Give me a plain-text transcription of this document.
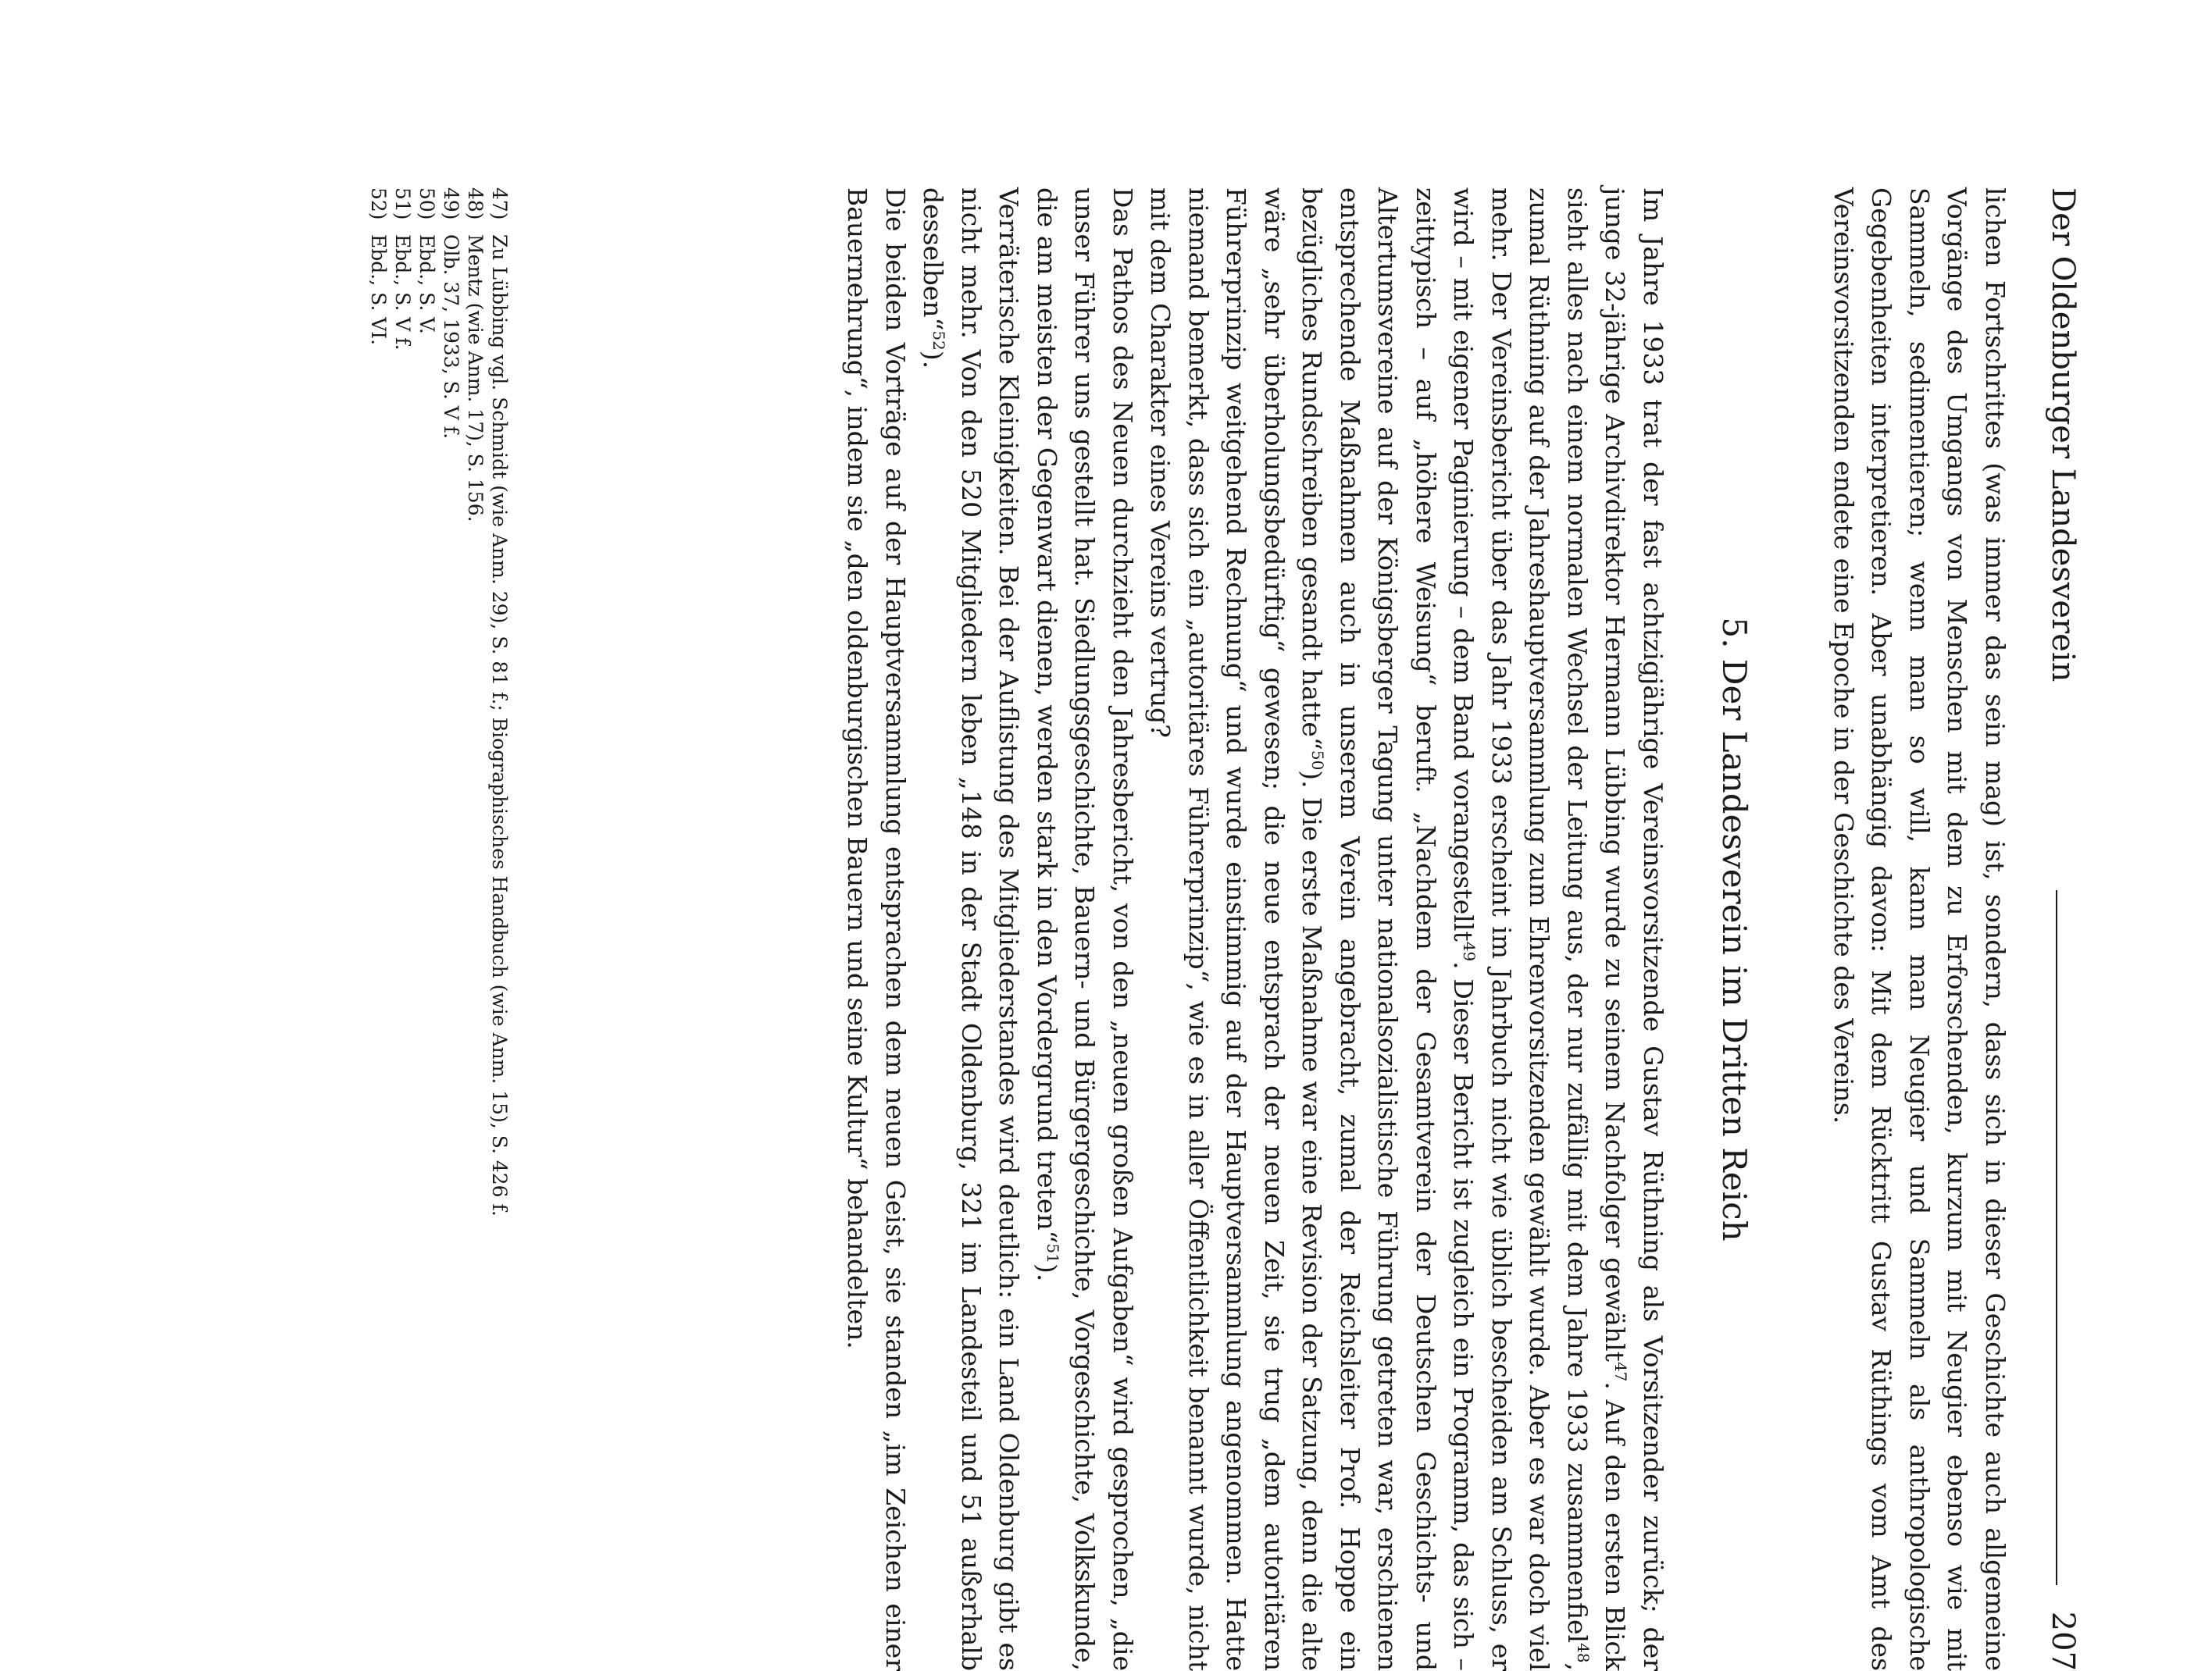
Der Oldenburger Landesverein
207

lichen Fortschrittes (was immer das sein mag) ist, sondern, dass sich in dieser Geschichte auch allgemeine Vorgänge des Umgangs von Menschen mit dem zu Erforschenden, kurzum mit Neugier ebenso wie mit Sammeln, sedimentieren; wenn man so will, kann man Neugier und Sammeln als anthropologische Gegebenheiten interpretieren. Aber unabhängig davon: Mit dem Rücktritt Gustav Rüthings vom Amt des Vereinsvorsitzenden endete eine Epoche in der Geschichte des Vereins.

5. Der Landesverein im Dritten Reich

Im Jahre 1933 trat der fast achtzigjährige Vereinsvorsitzende Gustav Rüthning als Vorsitzender zurück; der junge 32-jährige Archivdirektor Hermann Lübbing wurde zu seinem Nachfolger gewählt$^{47}$. Auf den ersten Blick sieht alles nach einem normalen Wechsel der Leitung aus, der nur zufällig mit dem Jahre 1933 zusammenfiel$^{48}$, zumal Rüthning auf der Jahreshauptversammlung zum Ehrenvorsitzenden gewählt wurde. Aber es war doch viel mehr. Der Vereinsbericht über das Jahr 1933 erscheint im Jahrbuch nicht wie üblich bescheiden am Schluss, er wird – mit eigener Paginierung – dem Band vorangestellt$^{49}$. Dieser Bericht ist zugleich ein Programm, das sich – zeittypisch – auf „höhere Weisung“ beruft. „Nachdem der Gesamtverein der Deutschen Geschichts- und Altertumsvereine auf der Königsberger Tagung unter nationalsozialistische Führung getreten war, erschienen entsprechende Maßnahmen auch in unserem Verein angebracht, zumal der Reichsleiter Prof. Hoppe ein bezügliches Rundschreiben gesandt hatte“$^{50}$). Die erste Maßnahme war eine Revision der Satzung, denn die alte wäre „sehr überholungsbedürftig“ gewesen; die neue entsprach der neuen Zeit, sie trug „dem autoritären Führerprinzip weitgehend Rechnung“ und wurde einstimmig auf der Hauptversammlung angenommen. Hatte niemand bemerkt, dass sich ein „autoritäres Führerprinzip“, wie es in aller Öffentlichkeit benannt wurde, nicht mit dem Charakter eines Vereins vertrug?

Das Pathos des Neuen durchzieht den Jahresbericht, von den „neuen großen Aufgaben“ wird gesprochen, „die unser Führer uns gestellt hat. Siedlungsgeschichte, Bauern- und Bürgergeschichte, Vorgeschichte, Volkskunde, die am meisten der Gegenwart dienen, werden stark in den Vordergrund treten“$^{51}$).

Verräterische Kleinigkeiten. Bei der Auflistung des Mitgliederstandes wird deutlich: ein Land Oldenburg gibt es nicht mehr. Von den 520 Mitgliedern leben „148 in der Stadt Oldenburg, 321 im Landesteil und 51 außerhalb desselben“$^{52}$).

Die beiden Vorträge auf der Hauptversammlung entsprachen dem neuen Geist, sie standen „im Zeichen einer Bauernehrung“, indem sie „den oldenburgischen Bauern und seine Kultur“ behandelten.

47)
Zu Lübbing vgl. Schmidt (wie Anm. 29), S. 81 f.; Biographisches Handbuch (wie Anm. 15), S. 426 f.
48)
Mentz (wie Anm. 17), S. 156.
49)
Olb. 37, 1933, S. V f.
50)
Ebd., S. V.
51)
Ebd., S. V f.
52)
Ebd., S. VI.
